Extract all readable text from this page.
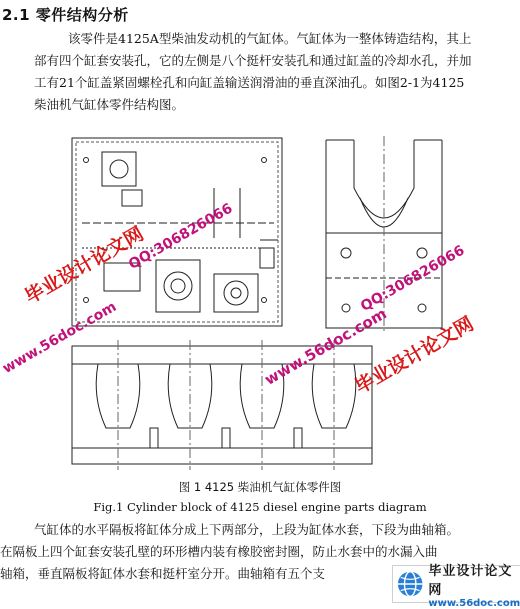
2.1 零件结构分析
该零件是4125A型柴油发动机的气缸体。气缸体为一整体铸造结构，其上
部有四个缸套安装孔，它的左侧是八个挺杆安装孔和通过缸盖的冷却水孔，并加
工有21个缸盖紧固螺栓孔和向缸盖输送润滑油的垂直深油孔。如图2-1为4125
柴油机气缸体零件结构图。
图 1 4125 柴油机气缸体零件图
Fig.1 Cylinder block of 4125 diesel engine parts diagram
气缸体的水平隔板将缸体分成上下两部分，上段为缸体水套，下段为曲轴箱。
在隔板上四个缸套安装孔壁的环形槽内装有橡胶密封圈，防止水套中的水漏入曲
轴箱，垂直隔板将缸体水套和挺杆室分开。曲轴箱有五个支
毕业设计论文网
QQ:306826066
www.56doc.com	www.56doc.com
QQ:306826066
毕业设计论文网
毕业设计论文网
www.56doc.com
